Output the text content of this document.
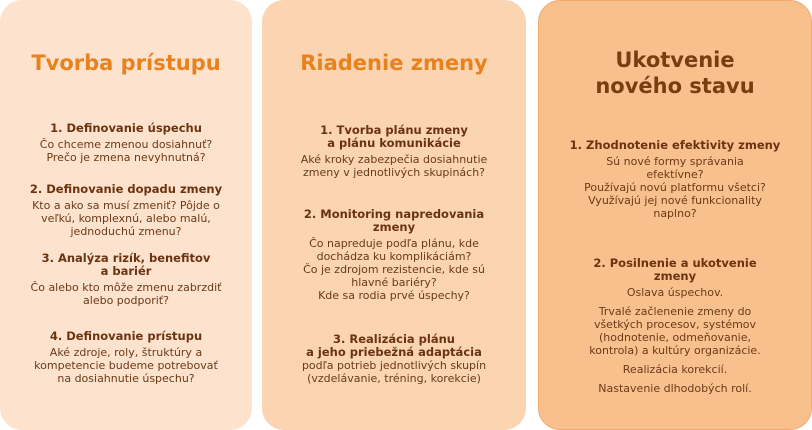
Tvorba prístupu
1. Definovanie úspechu
Čo chceme zmenou dosiahnuť?
Prečo je zmena nevyhnutná?
2. Definovanie dopadu zmeny
Kto a ako sa musí zmeniť? Pôjde o
veľkú, komplexnú, alebo malú,
jednoduchú zmenu?
3. Analýza rizík, benefitov
a bariér
Čo alebo kto môže zmenu zabrzdiť
alebo podporiť?
4. Definovanie prístupu
Aké zdroje, roly, štruktúry a
kompetencie budeme potrebovať
na dosiahnutie úspechu?
Riadenie zmeny
1. Tvorba plánu zmeny
a plánu komunikácie
Aké kroky zabezpečia dosiahnutie
zmeny v jednotlivých skupinách?
2. Monitoring napredovania
zmeny
Čo napreduje podľa plánu, kde
dochádza ku komplikáciám?
Čo je zdrojom rezistencie, kde sú
hlavné bariéry?
Kde sa rodia prvé úspechy?
3. Realizácia plánu
a jeho priebežná adaptácia
podľa potrieb jednotlivých skupín
(vzdelávanie, tréning, korekcie)
Ukotvenie
nového stavu
1. Zhodnotenie efektivity zmeny
Sú nové formy správania
efektívne?
Používajú novú platformu všetci?
Využívajú jej nové funkcionality
naplno?
2. Posilnenie a ukotvenie
zmeny
Oslava úspechov.
Trvalé začlenenie zmeny do
všetkých procesov, systémov
(hodnotenie, odmeňovanie,
kontrola) a kultúry organizácie.
Realizácia korekcií.
Nastavenie dlhodobých rolí.
